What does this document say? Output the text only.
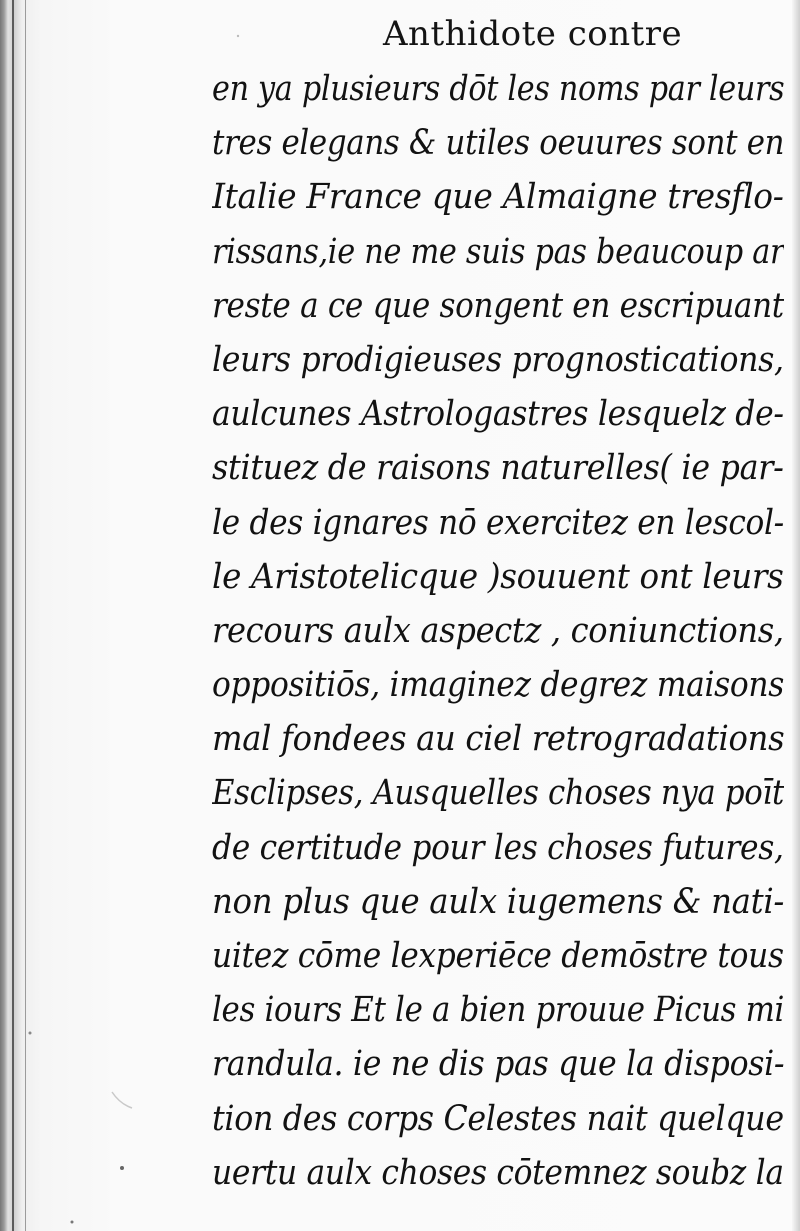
Anthidote contre
en ya plusieurs dōt les noms par leurs
tres elegans & utiles oeuures sont en
Italie France que Almaigne tresflo-
rissans,ie ne me suis pas beaucoup ar
reste a ce que songent en escripuant
leurs prodigieuses prognostications,
aulcunes Astrologastres lesquelz de-
stituez de raisons naturelles( ie par-
le des ignares nō exercitez en lescol-
le Aristotelicque )souuent ont leurs
recours aulx aspectz , coniunctions,
oppositiōs, imaginez degrez maisons
mal fondees au ciel retrogradations
Esclipses, Ausquelles choses nya poīt
de certitude pour les choses futures,
non plus que aulx iugemens & nati-
uitez cōme lexperiēce demōstre tous
les iours Et le a bien prouue Picus mi
randula. ie ne dis pas que la disposi-
tion des corps Celestes nait quelque
uertu aulx choses cōtemnez soubz la
